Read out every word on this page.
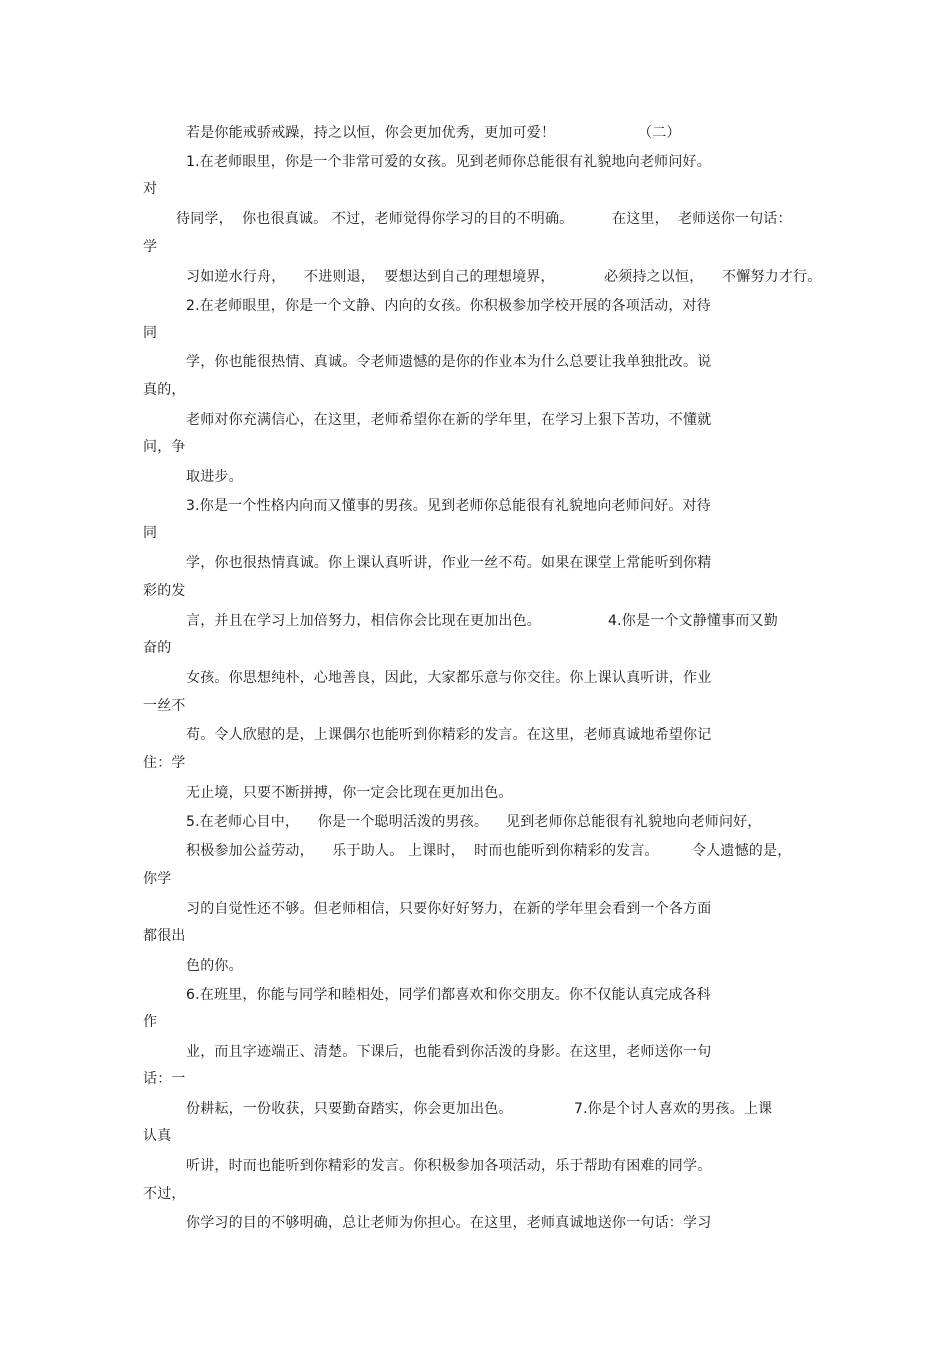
若是你能戒骄戒躁，持之以恒，你会更加优秀，更加可爱！	（二）
1.在老师眼里，你是一个非常可爱的女孩。见到老师你总能很有礼貌地向老师问好。
对
待同学，  你也很真诚。 不过，老师觉得你学习的目的不明确。	在这里，  老师送你一句话：
学
习如逆水行舟，    不进则退，  要想达到自己的理想境界，	必须持之以恒，    不懈努力才行。
2.在老师眼里，你是一个文静、内向的女孩。你积极参加学校开展的各项活动，对待
同
学，你也能很热情、真诚。令老师遗憾的是你的作业本为什么总要让我单独批改。说
真的，
老师对你充满信心，在这里，老师希望你在新的学年里，在学习上狠下苦功，不懂就
问，争
取进步。
3.你是一个性格内向而又懂事的男孩。见到老师你总能很有礼貌地向老师问好。对待
同
学，你也很热情真诚。你上课认真听讲，作业一丝不苟。如果在课堂上常能听到你精
彩的发
言，并且在学习上加倍努力，相信你会比现在更加出色。	4.你是一个文静懂事而又勤
奋的
女孩。你思想纯朴，心地善良，因此，大家都乐意与你交往。你上课认真听讲，作业
一丝不
苟。令人欣慰的是，上课偶尔也能听到你精彩的发言。在这里，老师真诚地希望你记
住：学
无止境，只要不断拼搏，你一定会比现在更加出色。
5.在老师心目中，    你是一个聪明活泼的男孩。 见到老师你总能很有礼貌地向老师问好，
积极参加公益劳动，    乐于助人。 上课时，  时而也能听到你精彩的发言。 令人遗憾的是，
你学
习的自觉性还不够。但老师相信，只要你好好努力，在新的学年里会看到一个各方面
都很出
色的你。
6.在班里，你能与同学和睦相处，同学们都喜欢和你交朋友。你不仅能认真完成各科
作
业，而且字迹端正、清楚。下课后，也能看到你活泼的身影。在这里，老师送你一句
话：一
份耕耘，一份收获，只要勤奋踏实，你会更加出色。	7.你是个讨人喜欢的男孩。上课
认真
听讲，时而也能听到你精彩的发言。你积极参加各项活动，乐于帮助有困难的同学。
不过，
你学习的目的不够明确，总让老师为你担心。在这里，老师真诚地送你一句话：学习
